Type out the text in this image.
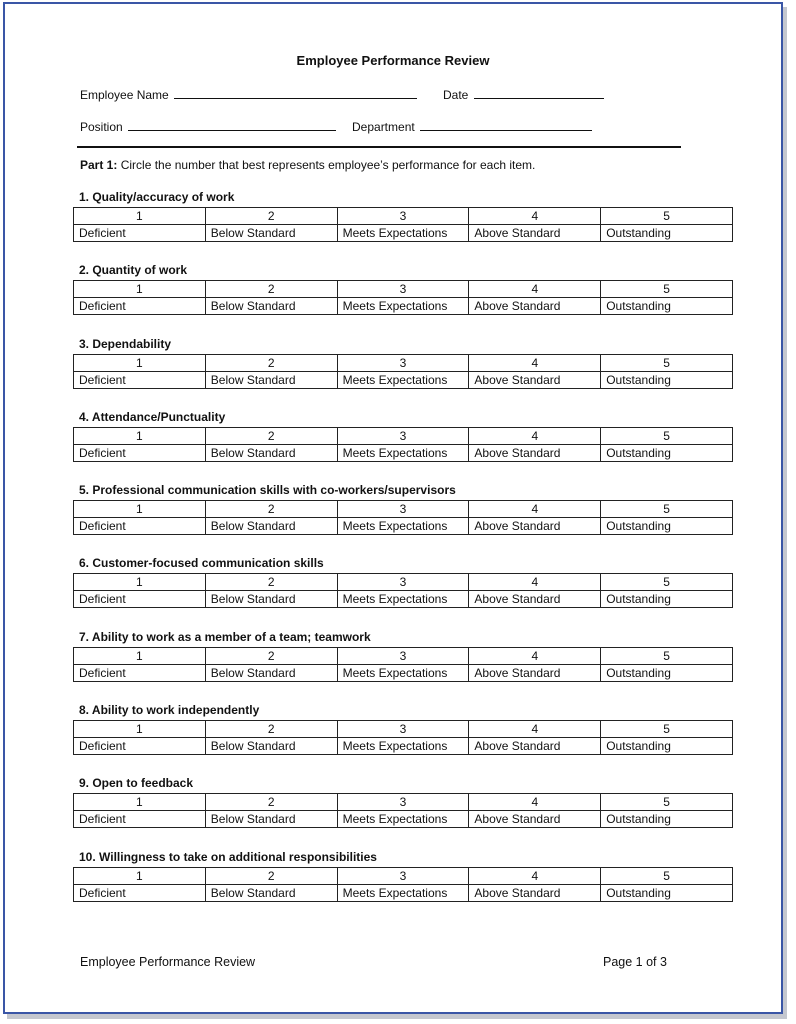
Employee Performance Review
Employee Name	Date
Position	Department
Part 1: Circle the number that best represents employee’s performance for each item.
1. Quality/accuracy of work
1	2	3	4	5
Deficient	Below Standard	Meets Expectations	Above Standard	Outstanding
2. Quantity of work
1	2	3	4	5
Deficient	Below Standard	Meets Expectations	Above Standard	Outstanding
3. Dependability
1	2	3	4	5
Deficient	Below Standard	Meets Expectations	Above Standard	Outstanding
4. Attendance/Punctuality
1	2	3	4	5
Deficient	Below Standard	Meets Expectations	Above Standard	Outstanding
5. Professional communication skills with co-workers/supervisors
1	2	3	4	5
Deficient	Below Standard	Meets Expectations	Above Standard	Outstanding
6. Customer-focused communication skills
1	2	3	4	5
Deficient	Below Standard	Meets Expectations	Above Standard	Outstanding
7. Ability to work as a member of a team; teamwork
1	2	3	4	5
Deficient	Below Standard	Meets Expectations	Above Standard	Outstanding
8. Ability to work independently
1	2	3	4	5
Deficient	Below Standard	Meets Expectations	Above Standard	Outstanding
9. Open to feedback
1	2	3	4	5
Deficient	Below Standard	Meets Expectations	Above Standard	Outstanding
10. Willingness to take on additional responsibilities
1	2	3	4	5
Deficient	Below Standard	Meets Expectations	Above Standard	Outstanding
Employee Performance Review	Page 1 of 3
